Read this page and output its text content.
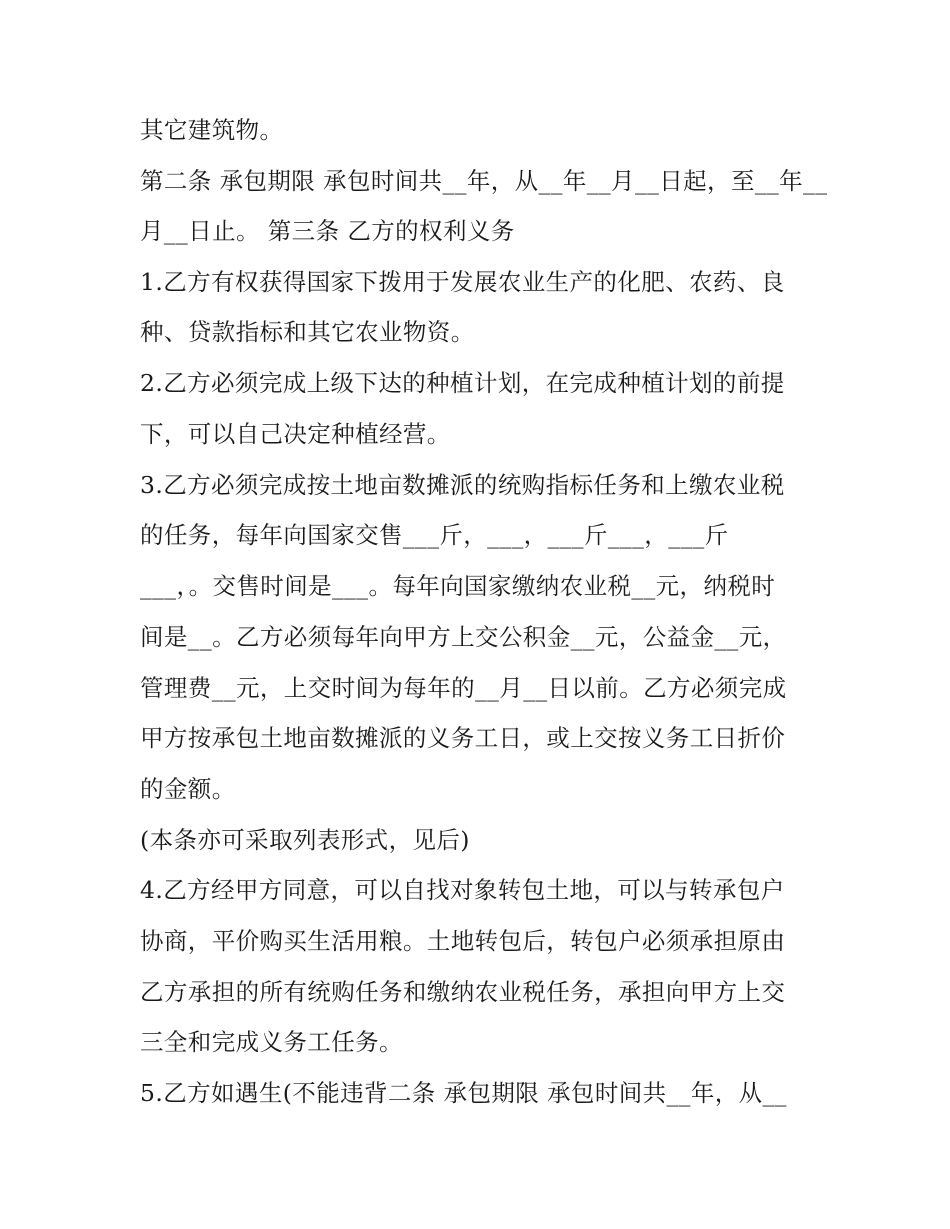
其它建筑物。

第二条 承包期限 承包时间共__年，从__年__月__日起，至__年__

月__日止。 第三条 乙方的权利义务

1.乙方有权获得国家下拨用于发展农业生产的化肥、农药、良

种、贷款指标和其它农业物资。

2.乙方必须完成上级下达的种植计划，在完成种植计划的前提

下，可以自己决定种植经营。

3.乙方必须完成按土地亩数摊派的统购指标任务和上缴农业税

的任务，每年向国家交售___斤，___，___斤___，___斤

___，。交售时间是___。每年向国家缴纳农业税__元，纳税时

间是__。乙方必须每年向甲方上交公积金__元，公益金__元，

管理费__元，上交时间为每年的__月__日以前。乙方必须完成

甲方按承包土地亩数摊派的义务工日，或上交按义务工日折价

的金额。

(本条亦可采取列表形式，见后)

4.乙方经甲方同意，可以自找对象转包土地，可以与转承包户

协商，平价购买生活用粮。土地转包后，转包户必须承担原由

乙方承担的所有统购任务和缴纳农业税任务，承担向甲方上交

三全和完成义务工任务。

5.乙方如遇生(不能违背二条 承包期限 承包时间共__年，从__
